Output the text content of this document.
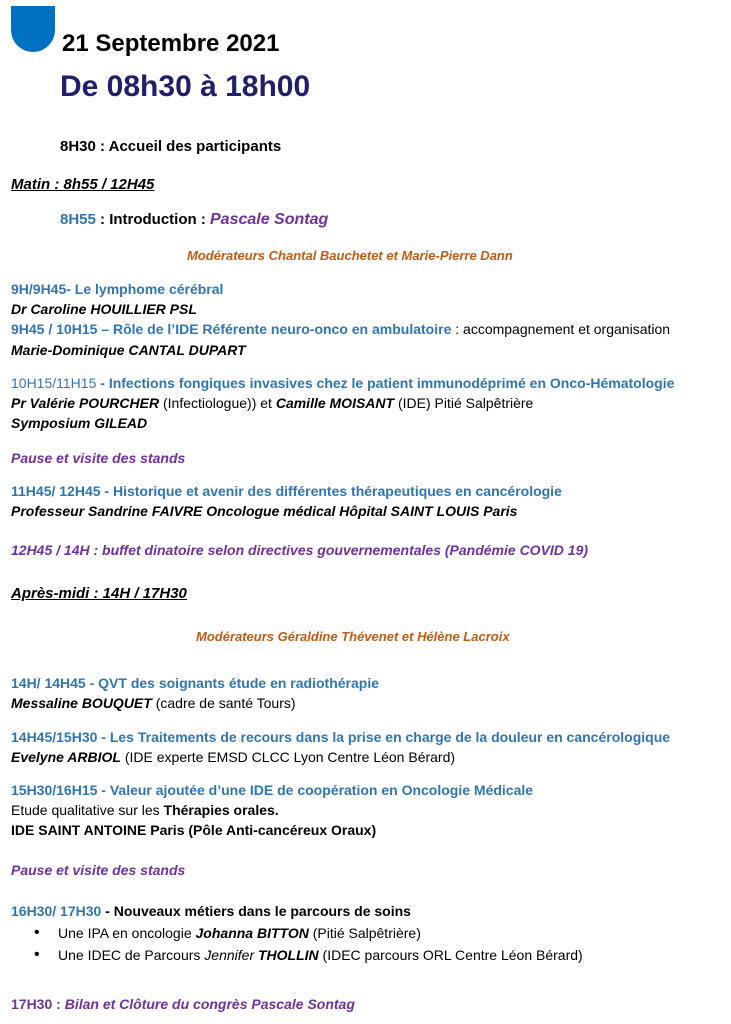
21 Septembre 2021
De 08h30 à 18h00
8H30 : Accueil des participants
Matin : 8h55 / 12H45
8H55 : Introduction : Pascale Sontag
Modérateurs Chantal Bauchetet et Marie-Pierre Dann
9H/9H45- Le lymphome cérébral
Dr Caroline HOUILLIER PSL
9H45 / 10H15 – Rôle de l’IDE Référente neuro-onco en ambulatoire : accompagnement et organisation
Marie-Dominique CANTAL DUPART
10H15/11H15 - Infections fongiques invasives chez le patient immunodéprimé en Onco-Hématologie
Pr Valérie POURCHER (Infectiologue)) et Camille MOISANT (IDE) Pitié Salpêtrière
Symposium GILEAD
Pause et visite des stands
11H45/ 12H45 - Historique et avenir des différentes thérapeutiques en cancérologie
Professeur Sandrine FAIVRE Oncologue médical Hôpital SAINT LOUIS Paris
12H45 / 14H : buffet dinatoire selon directives gouvernementales (Pandémie COVID 19)
Après-midi : 14H / 17H30
Modérateurs Géraldine Thévenet et Hélène Lacroix
14H/ 14H45 - QVT des soignants étude en radiothérapie
Messaline BOUQUET (cadre de santé Tours)
14H45/15H30 - Les Traitements de recours dans la prise en charge de la douleur en cancérologique
Evelyne ARBIOL (IDE experte EMSD CLCC Lyon Centre Léon Bérard)
15H30/16H15 - Valeur ajoutée d’une IDE de coopération en Oncologie Médicale
Etude qualitative sur les Thérapies orales.
IDE SAINT ANTOINE Paris (Pôle Anti-cancéreux Oraux)
Pause et visite des stands
16H30/ 17H30 - Nouveaux métiers dans le parcours de soins
• Une IPA en oncologie Johanna BITTON (Pitié Salpêtrière)
• Une IDEC de Parcours Jennifer THOLLIN (IDEC parcours ORL Centre Léon Bérard)
17H30 : Bilan et Clôture du congrès Pascale Sontag
